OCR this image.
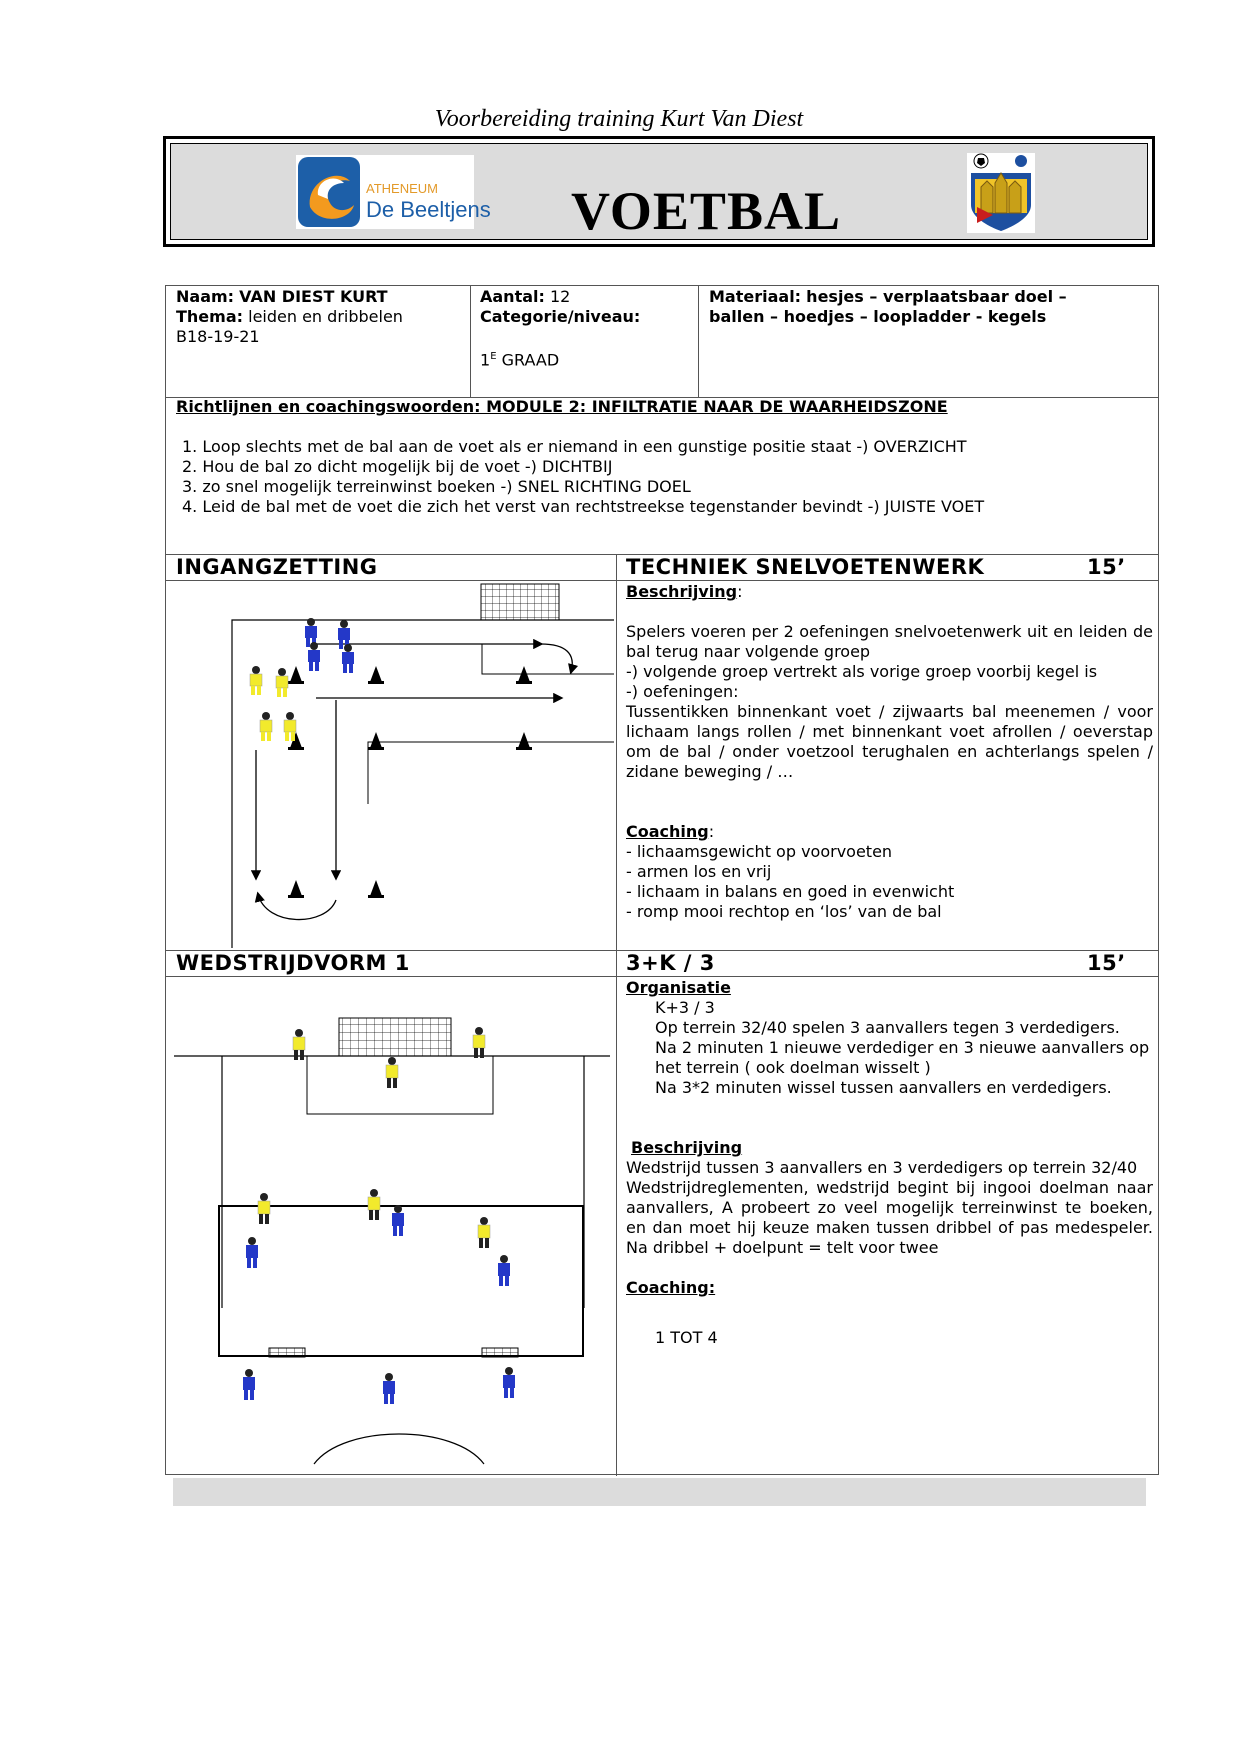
Voorbereiding training Kurt Van Diest
ATHENEUM
De Beeltjens VOETBAL
Naam: VAN DIEST KURT
Thema: leiden en dribbelen
B18-19-21
Aantal: 12
Categorie/niveau:
$1^E$ GRAAD
Materiaal: hesjes – verplaatsbaar doel –
ballen – hoedjes – loopladder - kegels
Richtlijnen en coachingswoorden: MODULE 2: INFILTRATIE NAAR DE WAARHEIDSZONE
1. Loop slechts met de bal aan de voet als er niemand in een gunstige positie staat -) OVERZICHT
2. Hou de bal zo dicht mogelijk bij de voet -) DICHTBIJ
3. zo snel mogelijk terreinwinst boeken -) SNEL RICHTING DOEL
4. Leid de bal met de voet die zich het verst van rechtstreekse tegenstander bevindt -) JUISTE VOET
INGANGZETTING	TECHNIEK SNELVOETENWERK	15’
Beschrijving:
Spelers voeren per 2 oefeningen snelvoetenwerk uit en leiden de bal terug naar volgende groep
-) volgende groep vertrekt als vorige groep voorbij kegel is
-) oefeningen:
Tussentikken binnenkant voet / zijwaarts bal meenemen / voor lichaam langs rollen / met binnenkant voet afrollen / oeverstap om de bal / onder voetzool terughalen en achterlangs spelen / zidane beweging / …
Coaching:
- lichaamsgewicht op voorvoeten
- armen los en vrij
- lichaam in balans en goed in evenwicht
- romp mooi rechtop en ‘los’ van de bal
WEDSTRIJDVORM 1	3+K / 3	15’
Organisatie
K+3 / 3
Op terrein 32/40 spelen 3 aanvallers tegen 3 verdedigers.
Na 2 minuten 1 nieuwe verdediger en 3 nieuwe aanvallers op het terrein ( ook doelman wisselt )
Na 3*2 minuten wissel tussen aanvallers en verdedigers.
Beschrijving
Wedstrijd tussen 3 aanvallers en 3 verdedigers op terrein 32/40
Wedstrijdreglementen, wedstrijd begint bij ingooi doelman naar aanvallers, A probeert zo veel mogelijk terreinwinst te boeken, en dan moet hij keuze maken tussen dribbel of pas medespeler. Na dribbel + doelpunt = telt voor twee
Coaching:
1 TOT 4
